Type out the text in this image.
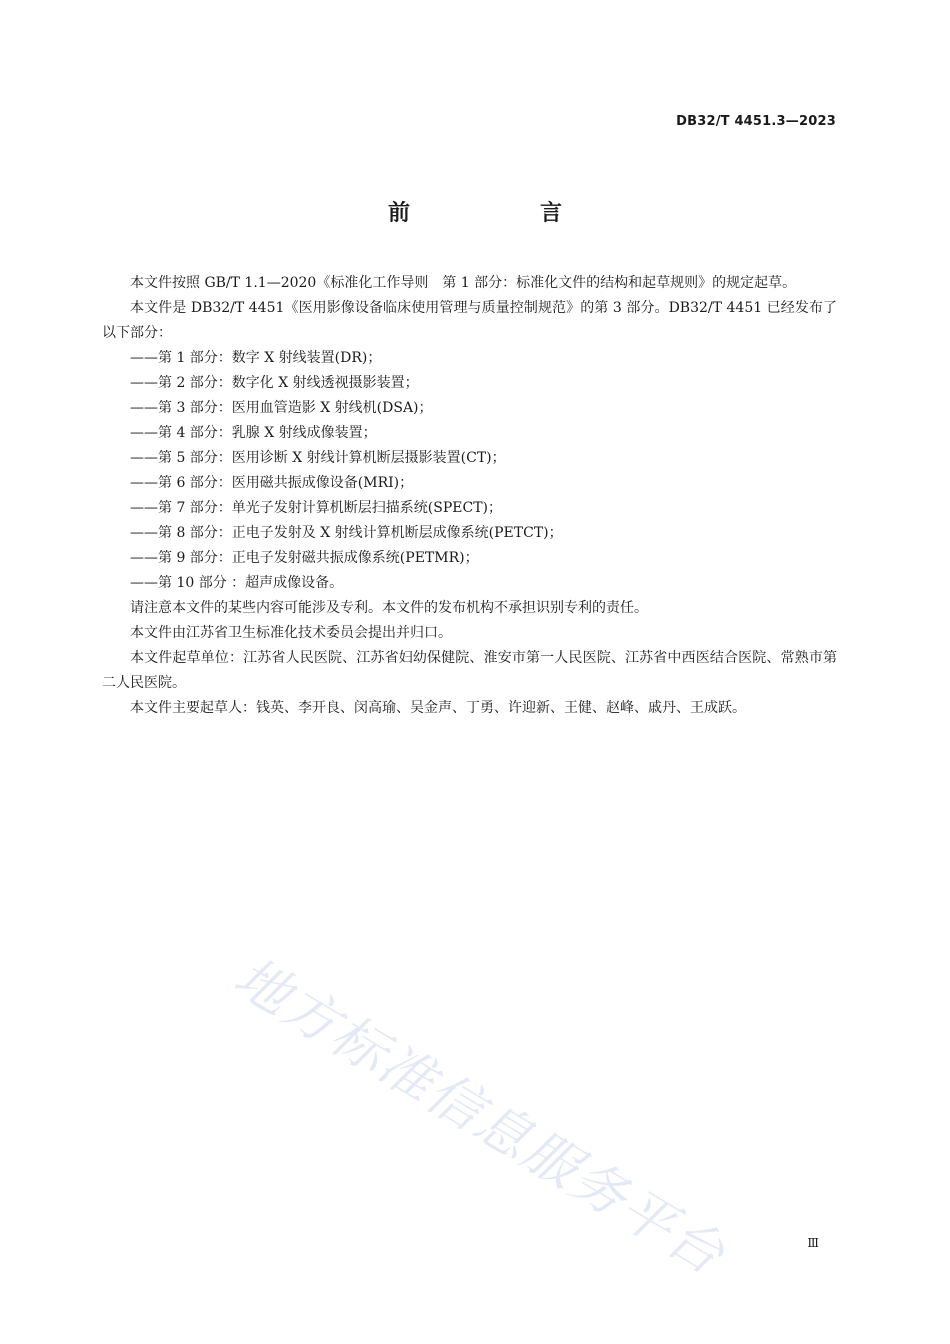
DB32/T 4451.3—2023
前　言

本文件按照 GB/T 1.1—2020《标准化工作导则　第 1 部分：标准化文件的结构和起草规则》的规定起草。

本文件是 DB32/T 4451《医用影像设备临床使用管理与质量控制规范》的第 3 部分。DB32/T 4451 已经发布了以下部分：

——第 1 部分：数字 X 射线装置(DR)；

——第 2 部分：数字化 X 射线透视摄影装置；

——第 3 部分：医用血管造影 X 射线机(DSA)；

——第 4 部分：乳腺 X 射线成像装置；

——第 5 部分：医用诊断 X 射线计算机断层摄影装置(CT)；

——第 6 部分：医用磁共振成像设备(MRI)；

——第 7 部分：单光子发射计算机断层扫描系统(SPECT)；

——第 8 部分：正电子发射及 X 射线计算机断层成像系统(PETCT)；

——第 9 部分：正电子发射磁共振成像系统(PETMR)；

——第 10 部分 ：超声成像设备。

请注意本文件的某些内容可能涉及专利。本文件的发布机构不承担识别专利的责任。

本文件由江苏省卫生标准化技术委员会提出并归口。

本文件起草单位：江苏省人民医院、江苏省妇幼保健院、淮安市第一人民医院、江苏省中西医结合医院、常熟市第二人民医院。

本文件主要起草人：钱英、李开良、闵高瑜、吴金声、丁勇、许迎新、王健、赵峰、戚丹、王成跃。

地方标准信息服务平台	Ⅲ
